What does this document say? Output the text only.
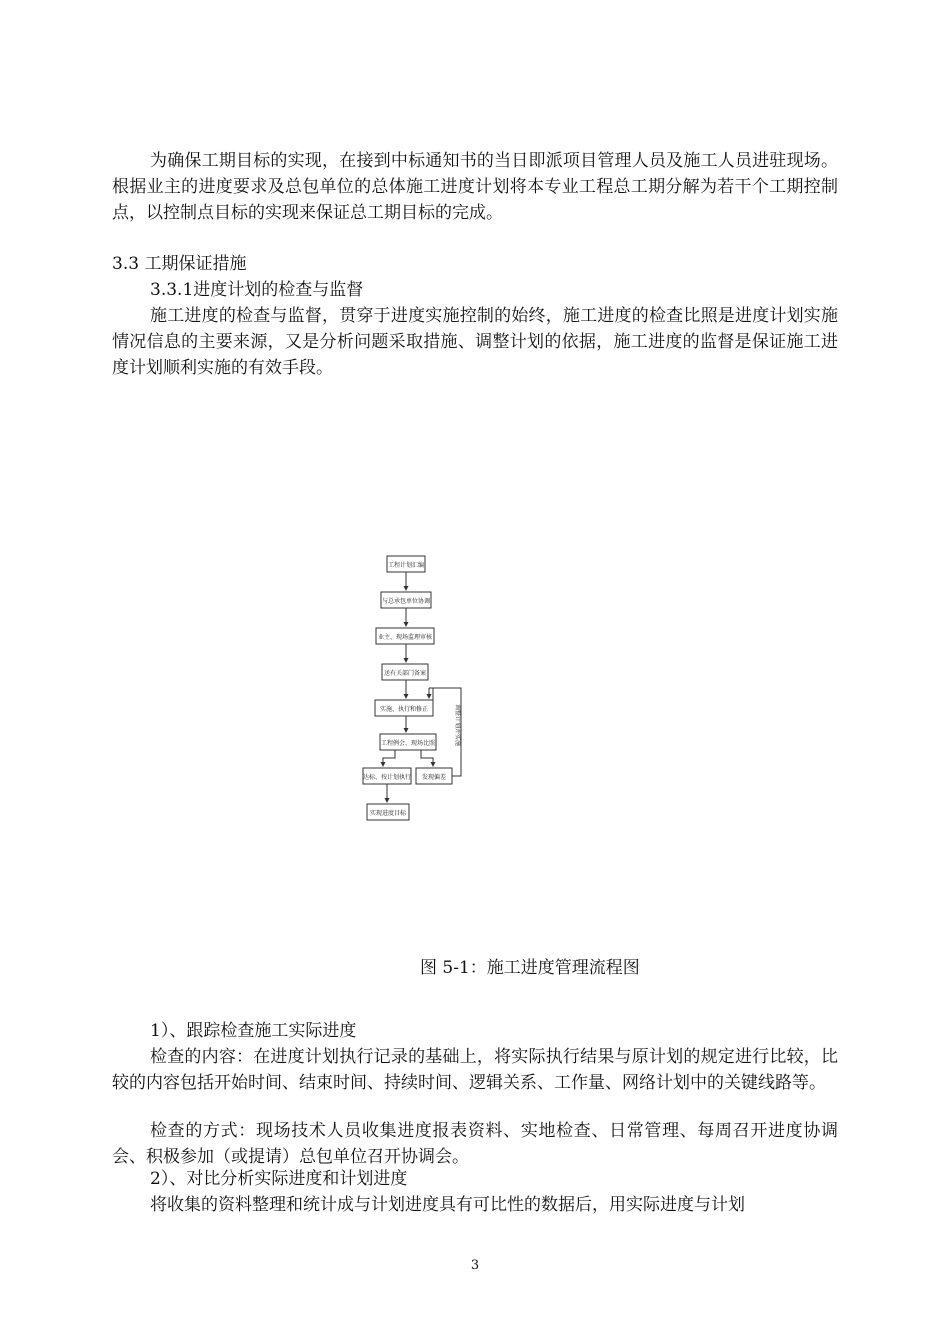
为确保工期目标的实现，在接到中标通知书的当日即派项目管理人员及施工人员进驻现场。根据业主的进度要求及总包单位的总体施工进度计划将本专业工程总工期分解为若干个工期控制点，以控制点目标的实现来保证总工期目标的完成。
3.3 工期保证措施
3.3.1进度计划的检查与监督
施工进度的检查与监督，贯穿于进度实施控制的始终，施工进度的检查比照是进度计划实施情况信息的主要来源，又是分析问题采取措施、调整计划的依据，施工进度的监督是保证施工进度计划顺利实施的有效手段。
工程计划汇编
与总承包单位协调
业主、现场监理审核
送有关部门备案
实施、执行和修正
工程例会、现场比照
达标、按计划执行 发现偏差
实现进度目标
调整计划并实施
图 5-1：施工进度管理流程图
1）、跟踪检查施工实际进度
检查的内容：在进度计划执行记录的基础上，将实际执行结果与原计划的规定进行比较，比较的内容包括开始时间、结束时间、持续时间、逻辑关系、工作量、网络计划中的关键线路等。
检查的方式：现场技术人员收集进度报表资料、实地检查、日常管理、每周召开进度协调会、积极参加（或提请）总包单位召开协调会。
2）、对比分析实际进度和计划进度
将收集的资料整理和统计成与计划进度具有可比性的数据后，用实际进度与计划
3
